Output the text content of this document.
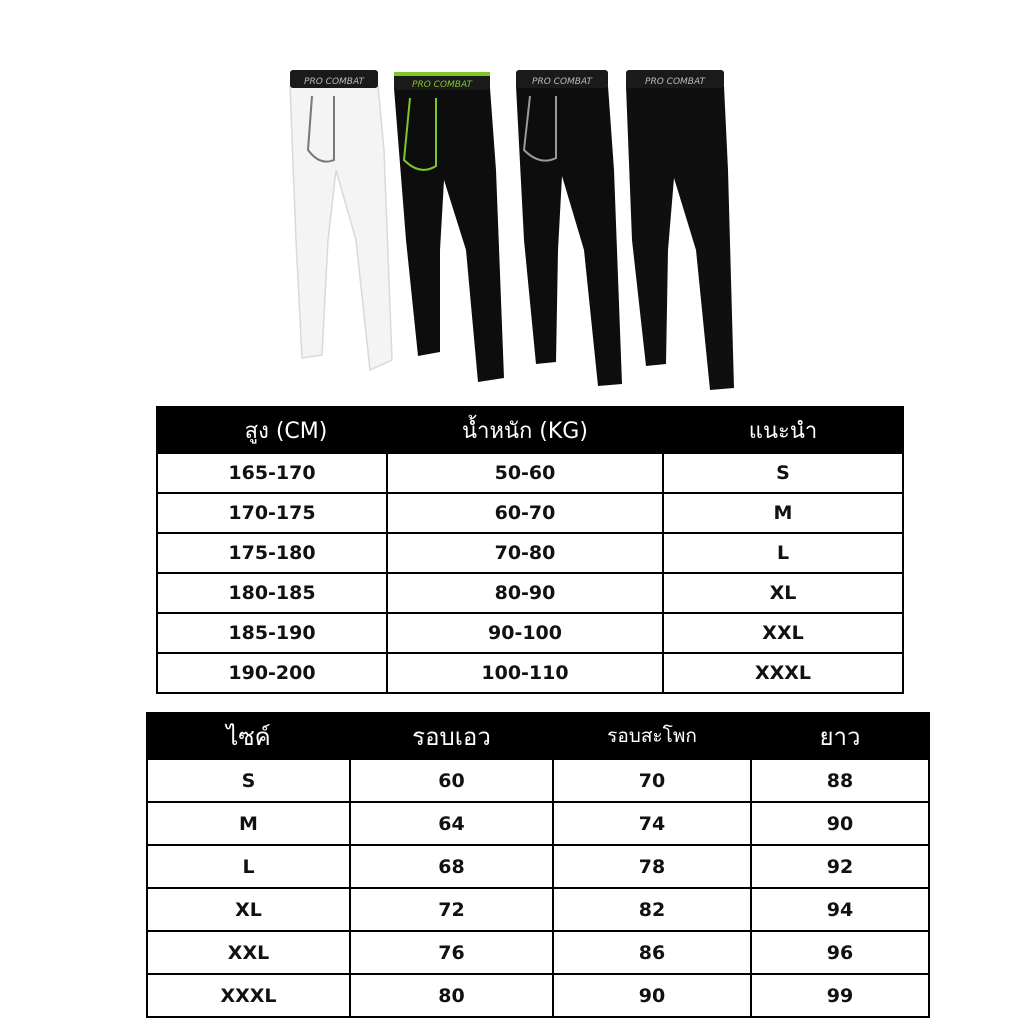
PRO COMBAT	PRO COMBAT	PRO COMBAT	PRO COMBAT
สูง (CM)	น้ำหนัก (KG)	แนะนำ
165-170	50-60	S
170-175	60-70	M
175-180	70-80	L
180-185	80-90	XL
185-190	90-100	XXL
190-200	100-110	XXXL
ไซค์	รอบเอว	รอบสะโพก	ยาว
S	60	70	88
M	64	74	90
L	68	78	92
XL	72	82	94
XXL	76	86	96
XXXL	80	90	99
